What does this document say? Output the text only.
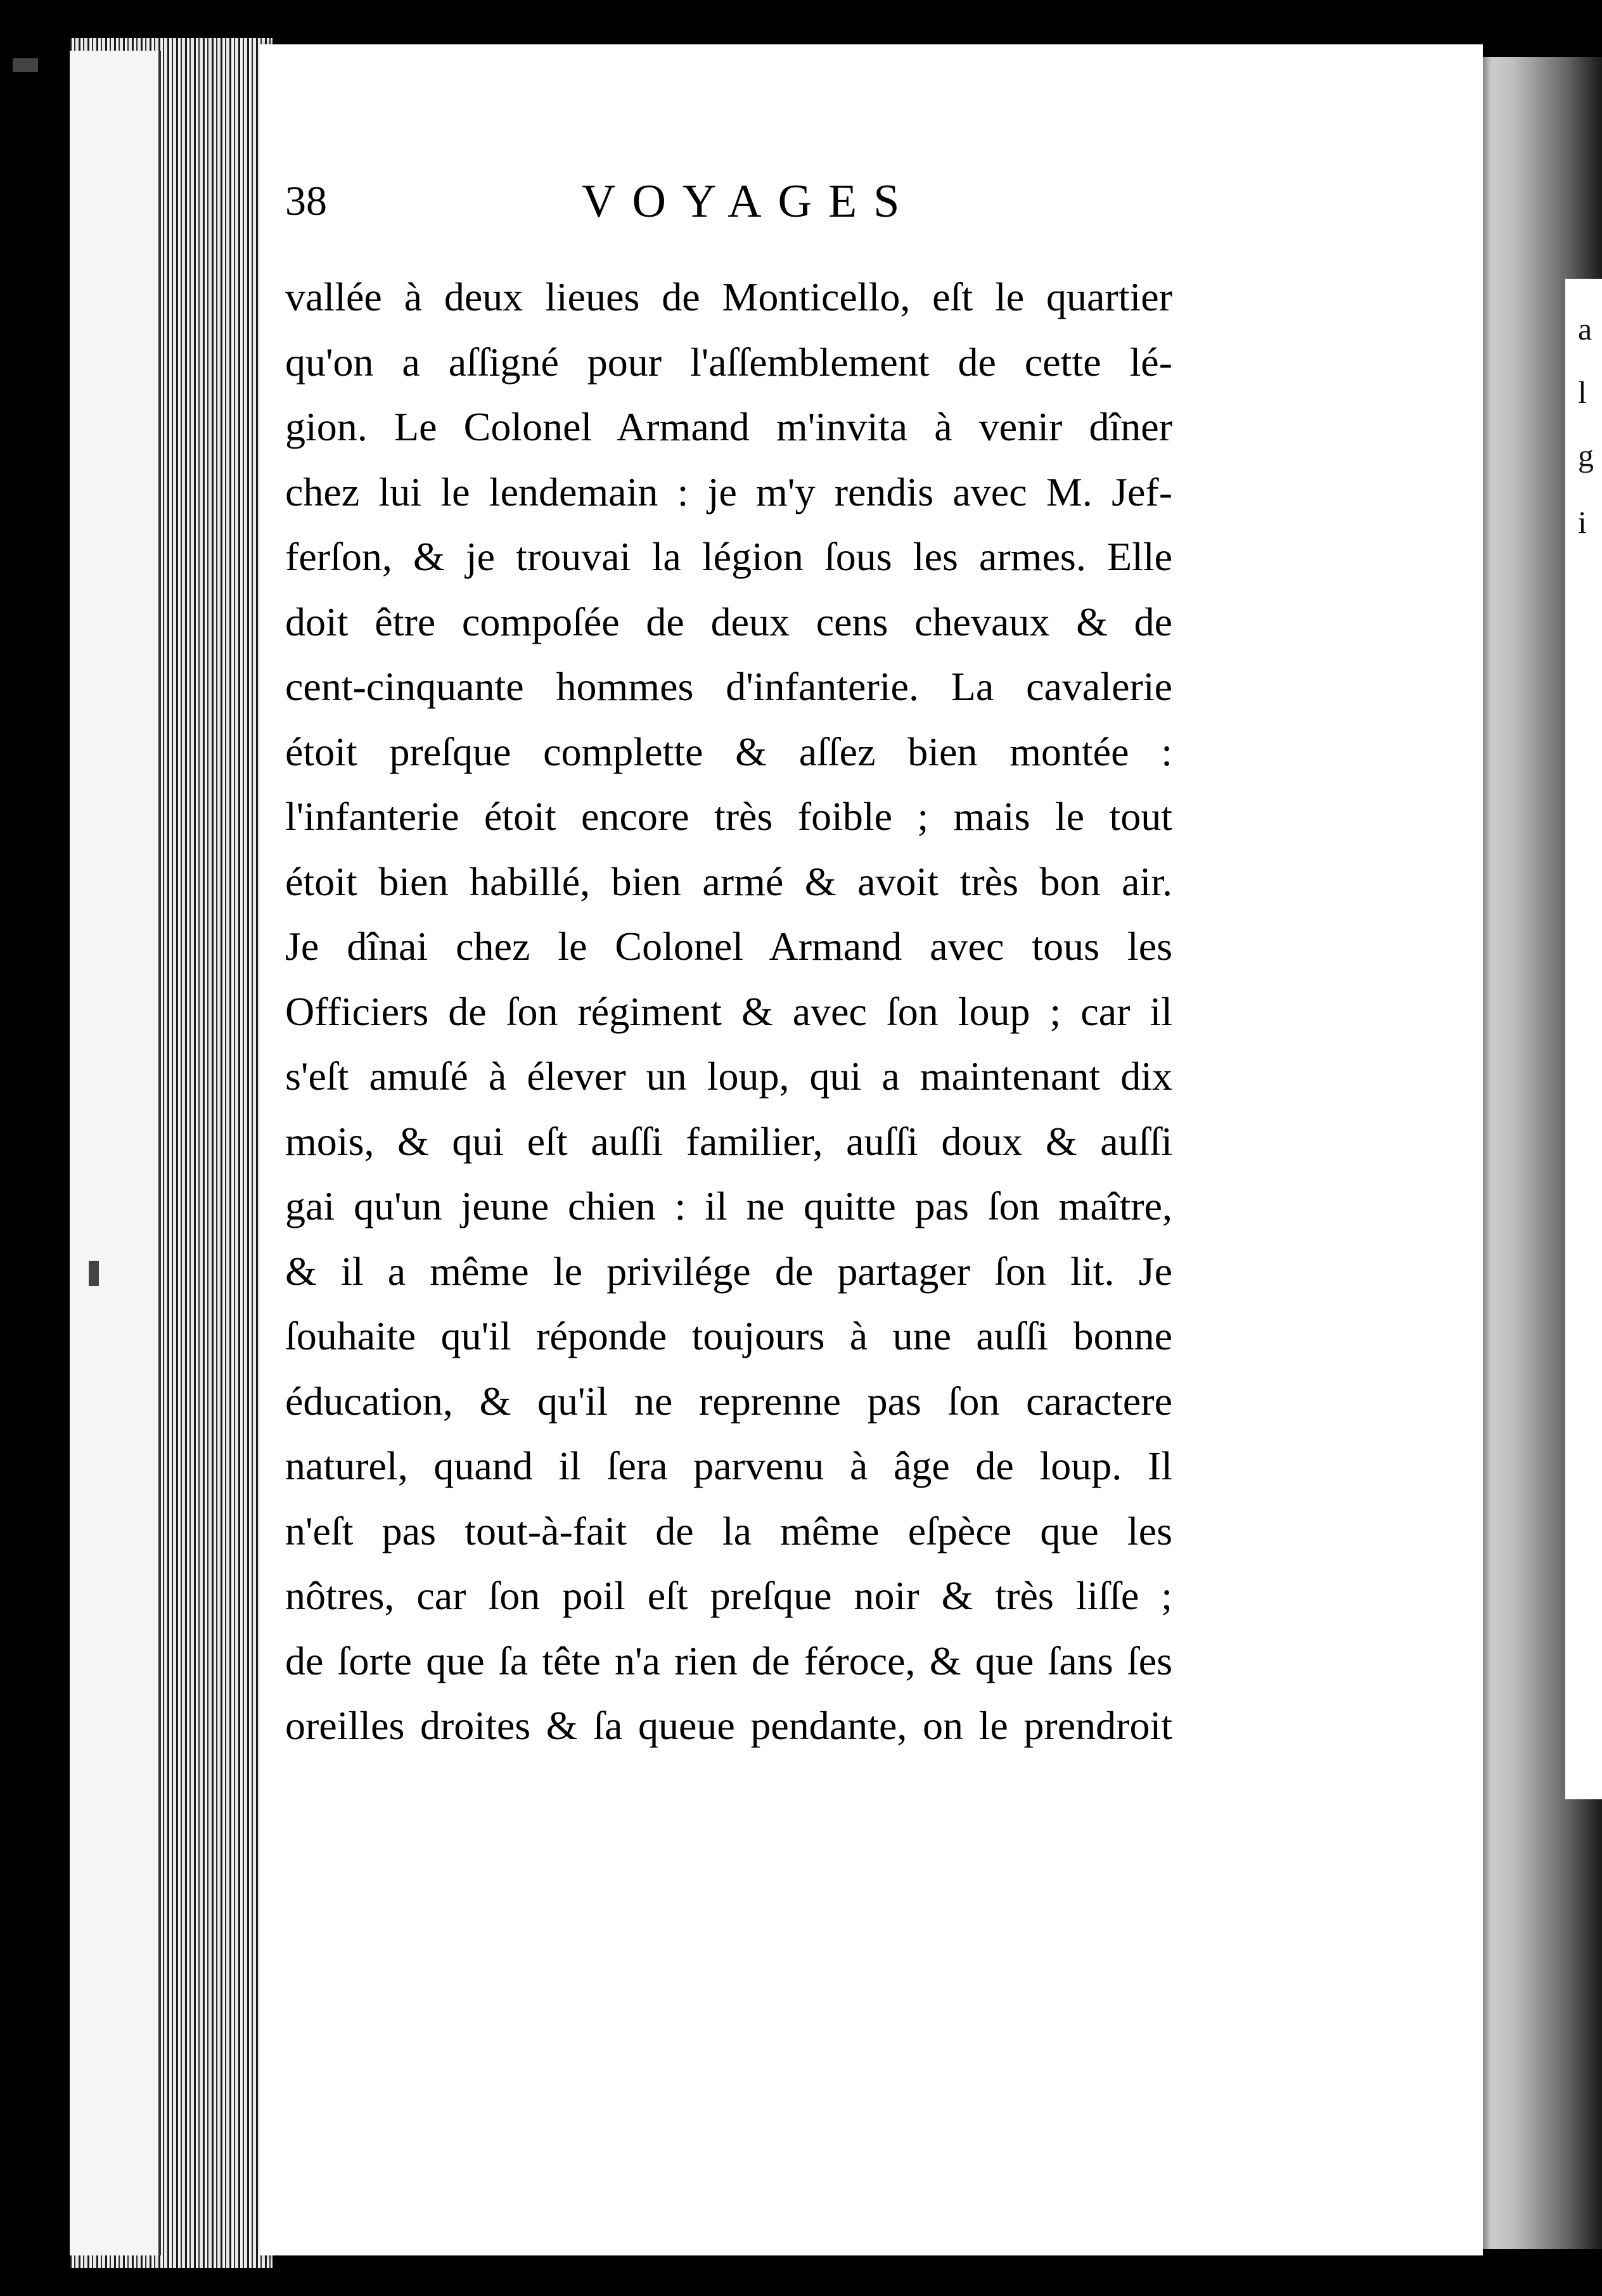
a
l
g
i
38	VOYAGES
vallée à deux lieues de Monticello, eſt le quartier
qu'on a aſſigné pour l'aſſemblement de cette lé-
gion. Le Colonel Armand m'invita à venir dîner
chez lui le lendemain : je m'y rendis avec M. Jef-
ferſon, & je trouvai la légion ſous les armes. Elle
doit être compoſée de deux cens chevaux & de
cent-cinquante hommes d'infanterie. La cavalerie
étoit preſque complette & aſſez bien montée :
l'infanterie étoit encore très foible ; mais le tout
étoit bien habillé, bien armé & avoit très bon air.
Je dînai chez le Colonel Armand avec tous les
Officiers de ſon régiment & avec ſon loup ; car il
s'eſt amuſé à élever un loup, qui a maintenant dix
mois, & qui eſt auſſi familier, auſſi doux & auſſi
gai qu'un jeune chien : il ne quitte pas ſon maître,
& il a même le privilége de partager ſon lit. Je
ſouhaite qu'il réponde toujours à une auſſi bonne
éducation, & qu'il ne reprenne pas ſon caractere
naturel, quand il ſera parvenu à âge de loup. Il
n'eſt pas tout-à-fait de la même eſpèce que les
nôtres, car ſon poil eſt preſque noir & très liſſe ;
de ſorte que ſa tête n'a rien de féroce, & que ſans ſes
oreilles droites & ſa queue pendante, on le prendroit
